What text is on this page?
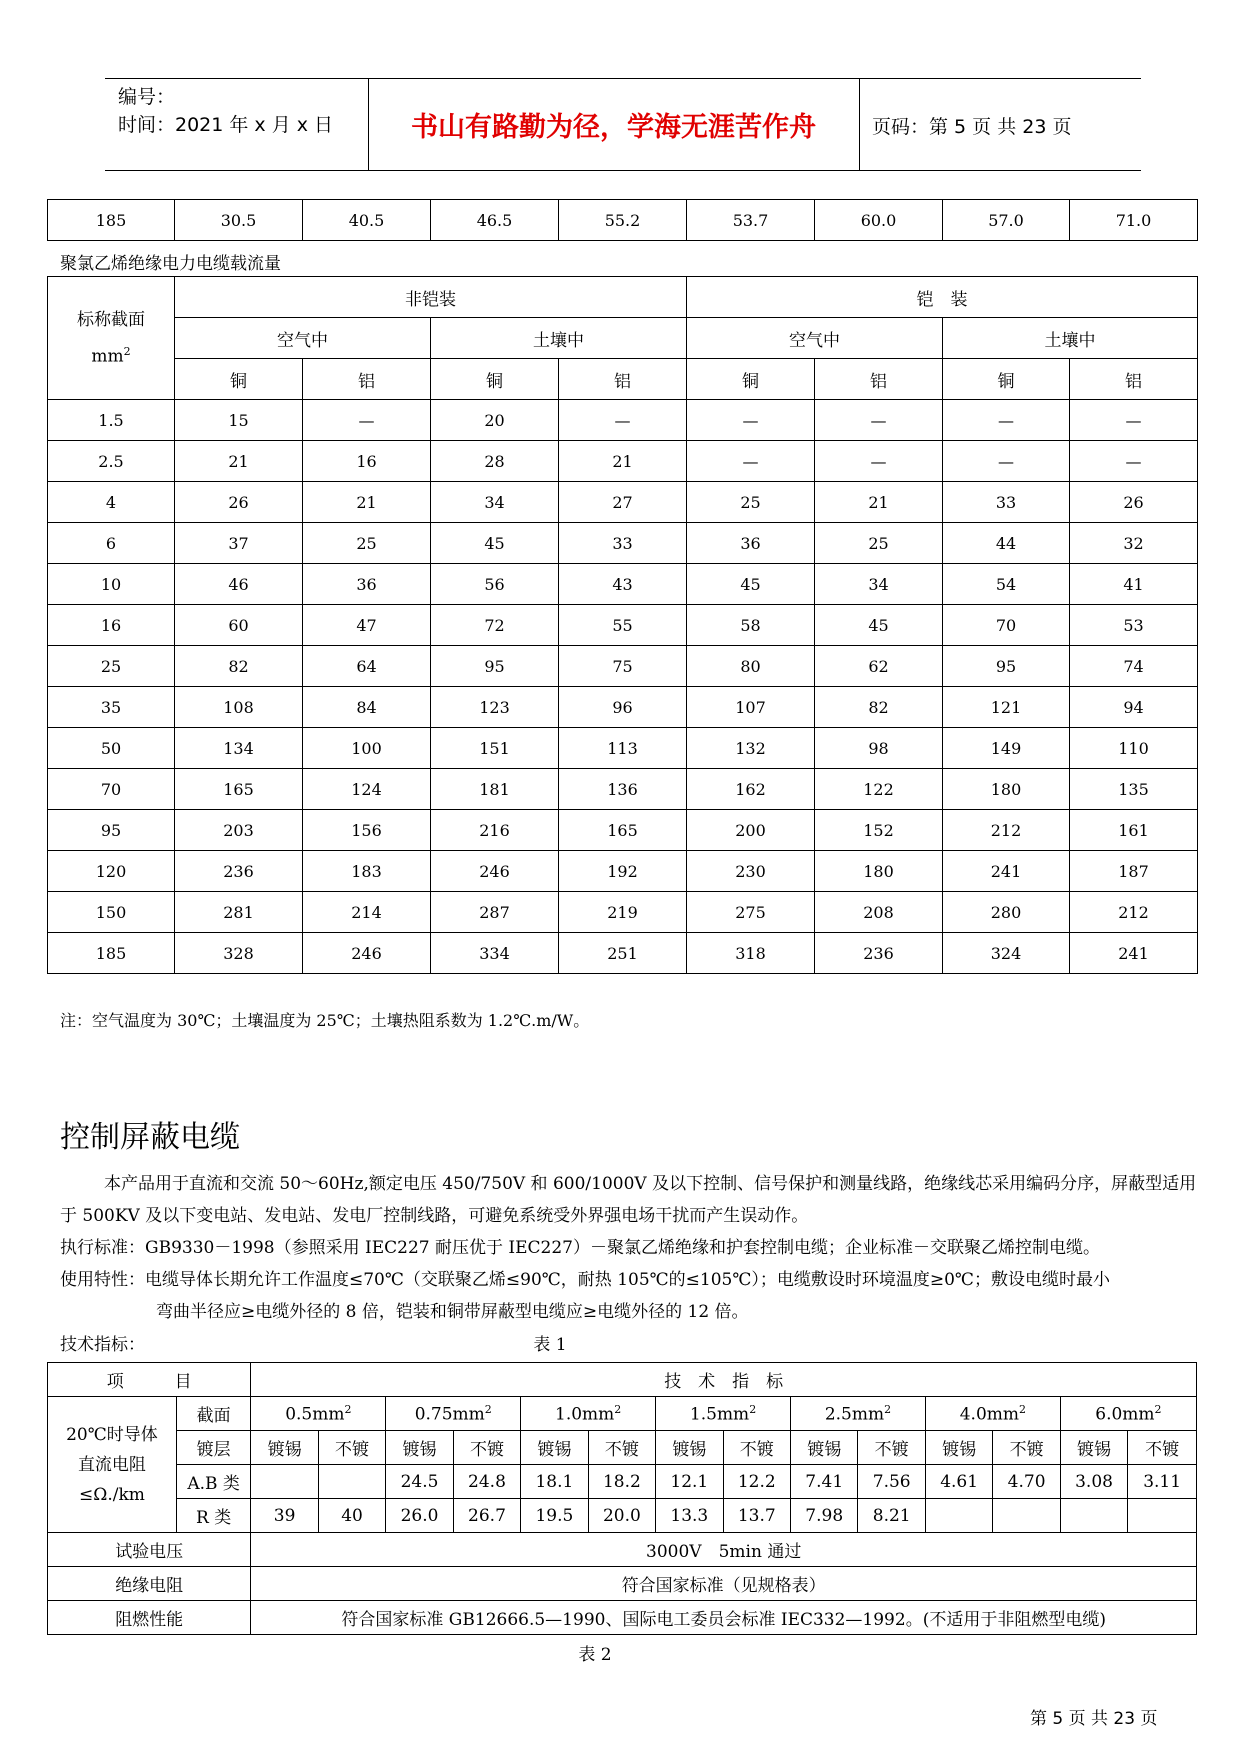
编号：
时间：2021 年 x 月 x 日	书山有路勤为径，学海无涯苦作舟	页码：第 5 页 共 23 页
185	30.5	40.5	46.5	55.2	53.7	60.0	57.0	71.0
聚氯乙烯绝缘电力电缆载流量
标称截面
$mm^2$	非铠装				铠　装			
	空气中		土壤中		空气中		土壤中	
	铜	铝	铜	铝	铜	铝	铜	铝
1.5	15	—	20	—	—	—	—	—
2.5	21	16	28	21	—	—	—	—
4	26	21	34	27	25	21	33	26
6	37	25	45	33	36	25	44	32
10	46	36	56	43	45	34	54	41
16	60	47	72	55	58	45	70	53
25	82	64	95	75	80	62	95	74
35	108	84	123	96	107	82	121	94
50	134	100	151	113	132	98	149	110
70	165	124	181	136	162	122	180	135
95	203	156	216	165	200	152	212	161
120	236	183	246	192	230	180	241	187
150	281	214	287	219	275	208	280	212
185	328	246	334	251	318	236	324	241
注：空气温度为 30℃；土壤温度为 25℃；土壤热阻系数为 1.2℃.m/W。
控制屏蔽电缆
本产品用于直流和交流 50～60Hz,额定电压 450/750V 和 600/1000V 及以下控制、信号保护和测量线路，绝缘线芯采用编码分序，屏蔽型适用于 500KV 及以下变电站、发电站、发电厂控制线路，可避免系统受外界强电场干扰而产生误动作。
执行标准：GB9330－1998（参照采用 IEC227 耐压优于 IEC227）－聚氯乙烯绝缘和护套控制电缆；企业标准－交联聚乙烯控制电缆。
使用特性：电缆导体长期允许工作温度≤70℃（交联聚乙烯≤90℃，耐热 105℃的≤105℃）；电缆敷设时环境温度≥0℃；敷设电缆时最小
弯曲半径应≥电缆外径的 8 倍，铠装和铜带屏蔽型电缆应≥电缆外径的 12 倍。
技术指标：	表 1
项　　　目		技　术　指　标													
20℃时导体
直流电阻
≤Ω./km	截面	$0.5mm^2$		$0.75mm^2$		$1.0mm^2$		$1.5mm^2$		$2.5mm^2$		$4.0mm^2$		$6.0mm^2$
	镀层	镀锡	不镀	镀锡	不镀	镀锡	不镀	镀锡	不镀	镀锡	不镀	镀锡	不镀	镀锡	不镀
	A.B 类			24.5	24.8	18.1	18.2	12.1	12.2	7.41	7.56	4.61	4.70	3.08	3.11
	R 类	39	40	26.0	26.7	19.5	20.0	13.3	13.7	7.98	8.21				
试验电压		3000V　5min 通过													
绝缘电阻		符合国家标准（见规格表）													
阻燃性能		符合国家标准 GB12666.5—1990、国际电工委员会标准 IEC332—1992。(不适用于非阻燃型电缆)													
表 2
第 5 页 共 23 页
